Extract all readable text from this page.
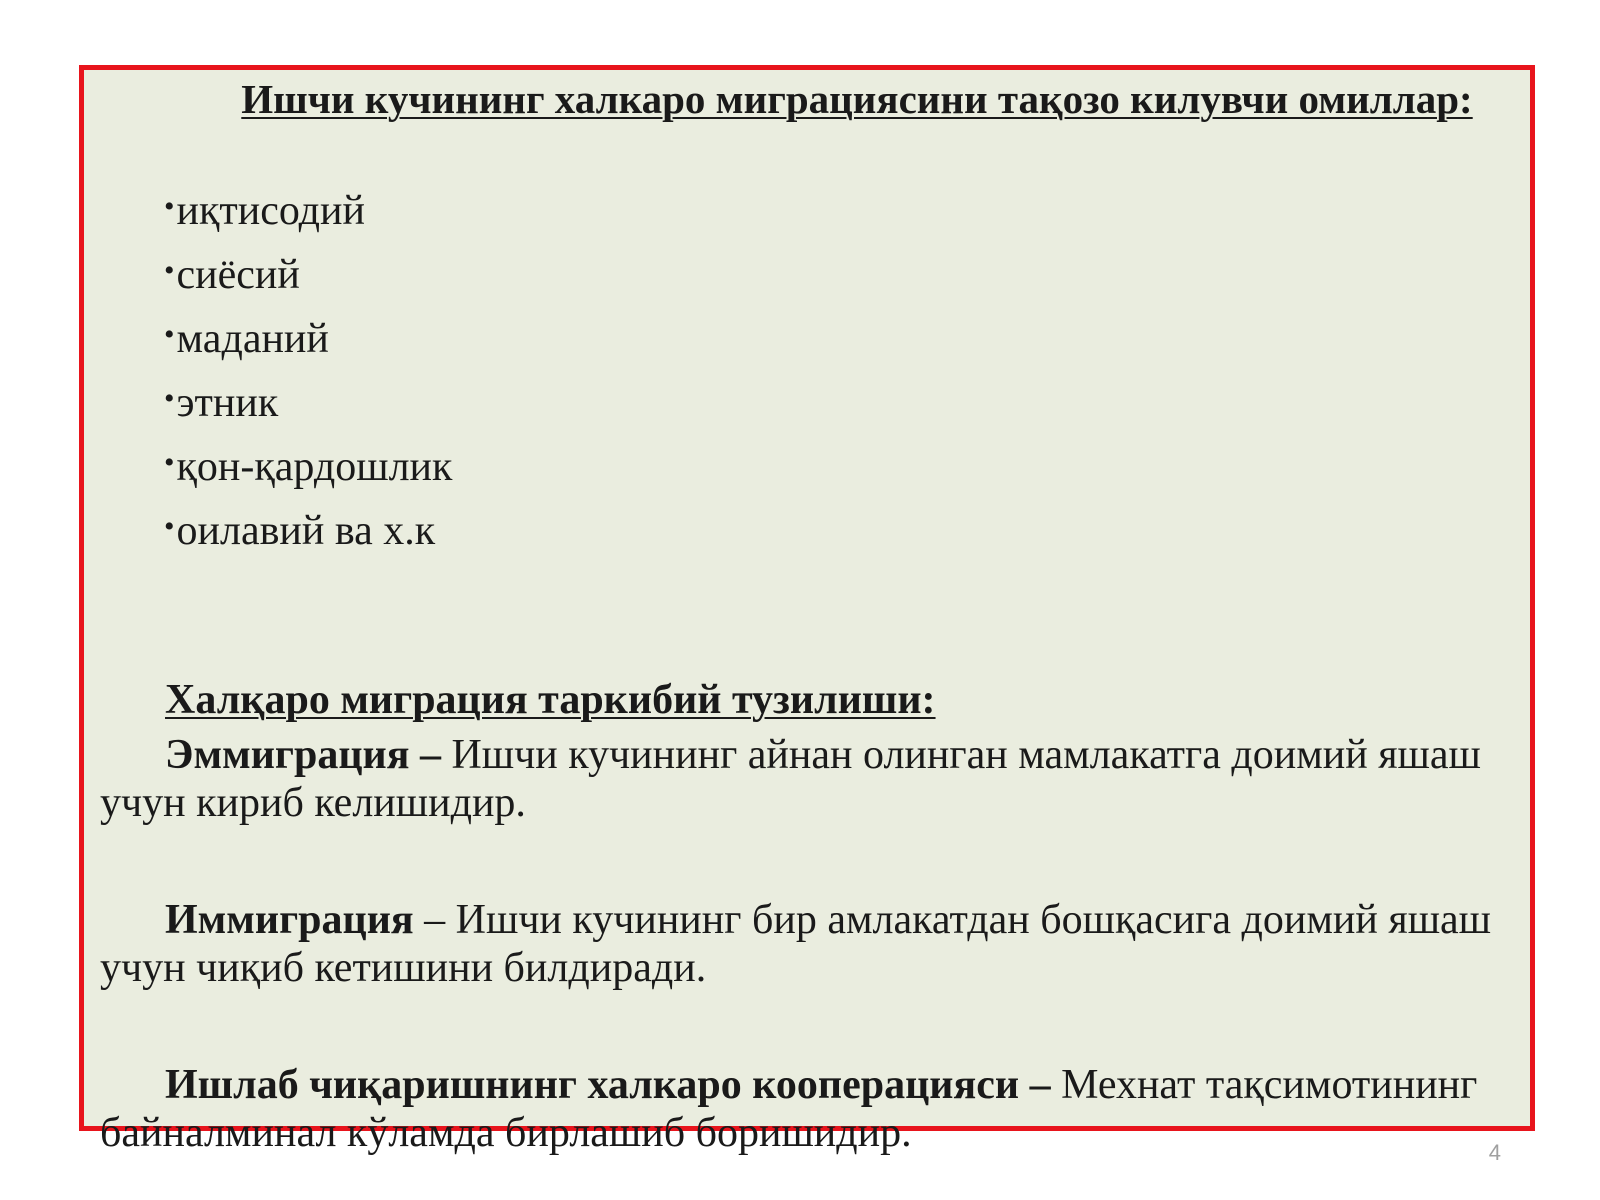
Ишчи кучининг халкаро миграциясини тақозо килувчи омиллар:
•иқтисодий
•сиёсий
•маданий
•этник
•қон-қардошлик
•оилавий ва х.к
Халқаро миграция таркибий тузилиши:
Эммиграция – Ишчи кучининг айнан олинган мамлакатга доимий яшаш учун кириб келишидир.
Иммиграция – Ишчи кучининг бир амлакатдан бошқасига доимий яшаш учун чиқиб кетишини билдиради.
Ишлаб чиқаришнинг халкаро кооперацияси – Мехнат тақсимотининг байналминал кўламда бирлашиб боришидир.	4
